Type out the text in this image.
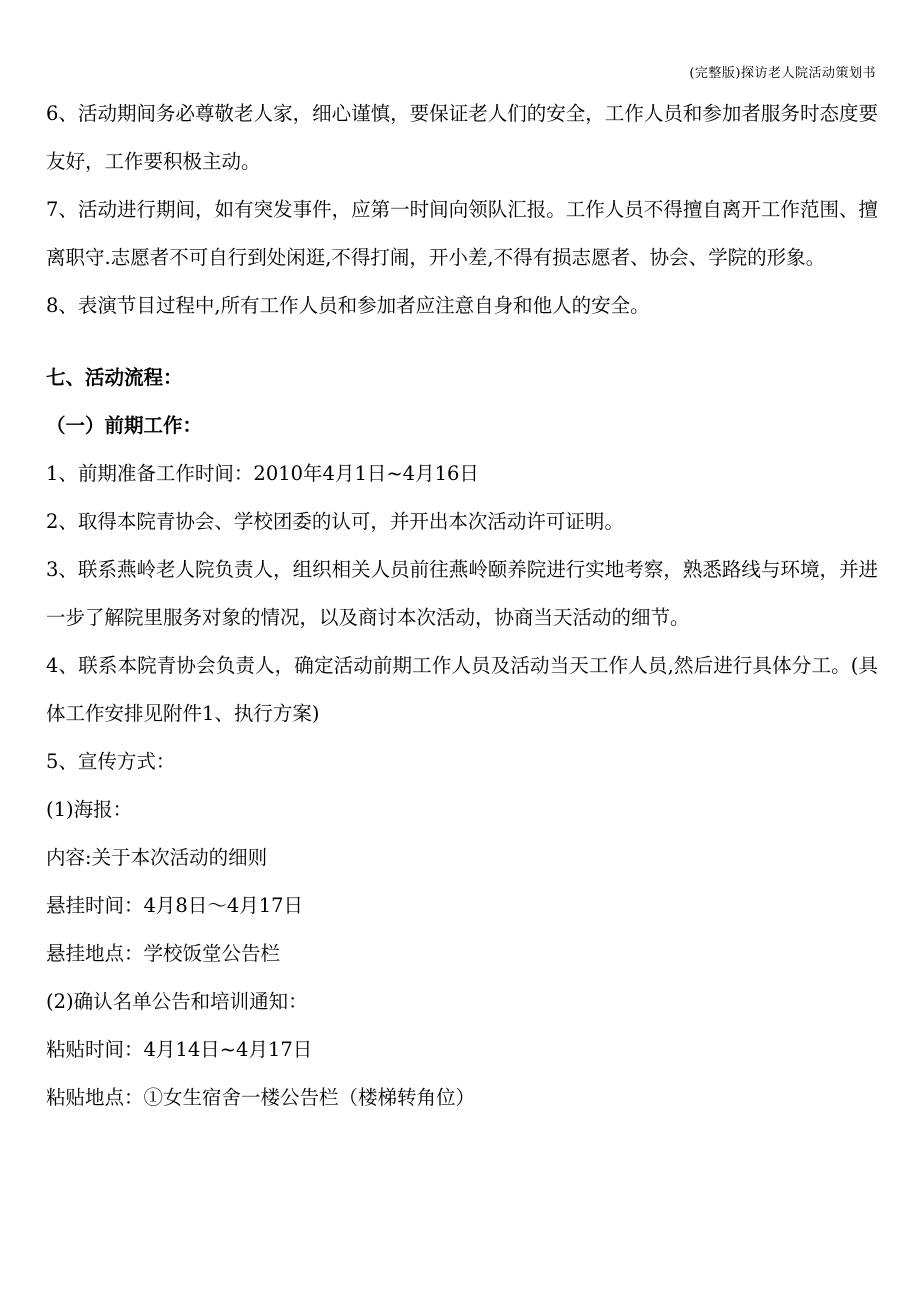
(完整版)探访老人院活动策划书

6、活动期间务必尊敬老人家，细心谨慎，要保证老人们的安全，工作人员和参加者服务时态度要友好，工作要积极主动。

7、活动进行期间，如有突发事件，应第一时间向领队汇报。工作人员不得擅自离开工作范围、擅离职守.志愿者不可自行到处闲逛,不得打闹，开小差,不得有损志愿者、协会、学院的形象。

8、表演节目过程中,所有工作人员和参加者应注意自身和他人的安全。

七、活动流程：

（一）前期工作：

1、前期准备工作时间：2010年4月1日~4月16日

2、取得本院青协会、学校团委的认可，并开出本次活动许可证明。

3、联系燕岭老人院负责人，组织相关人员前往燕岭颐养院进行实地考察，熟悉路线与环境，并进一步了解院里服务对象的情况，以及商讨本次活动，协商当天活动的细节。

4、联系本院青协会负责人，确定活动前期工作人员及活动当天工作人员,然后进行具体分工。(具体工作安排见附件1、执行方案)

5、宣传方式：

(1)海报：

内容:关于本次活动的细则

悬挂时间：4月8日～4月17日

悬挂地点：学校饭堂公告栏

(2)确认名单公告和培训通知：

粘贴时间：4月14日~4月17日

粘贴地点：①女生宿舍一楼公告栏（楼梯转角位）
